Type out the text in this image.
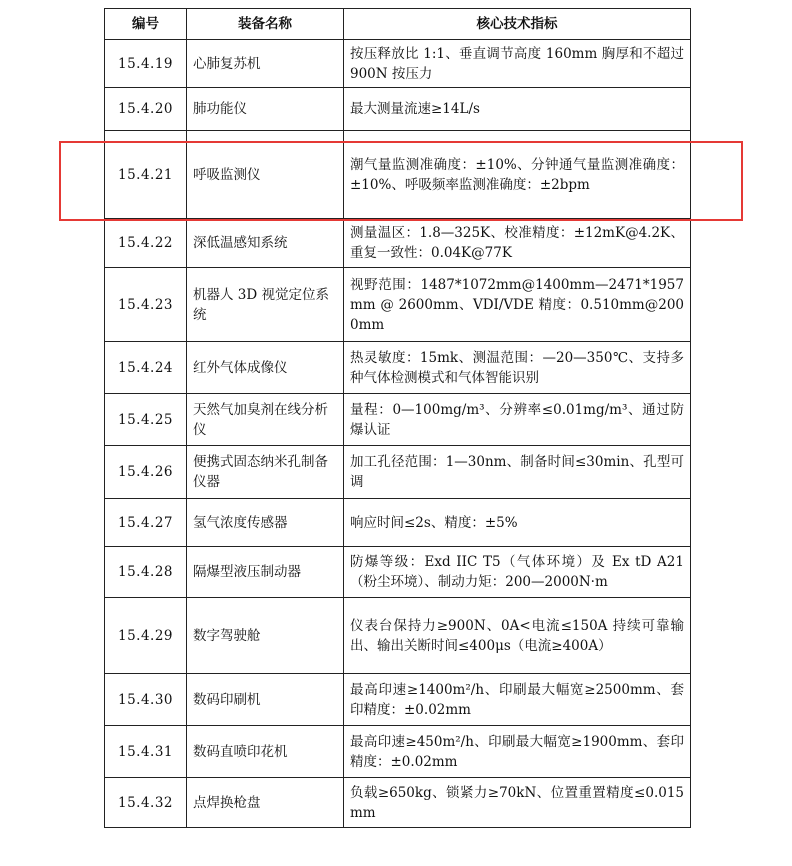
编号	装备名称	核心技术指标
15.4.19	心肺复苏机	按压释放比 1:1、垂直调节高度 160mm 胸厚和不超过 900N 按压力
15.4.20	肺功能仪	最大测量流速≥14L/s
15.4.21	呼吸监测仪	潮气量监测准确度：±10%、分钟通气量监测准确度：±10%、呼吸频率监测准确度：±2bpm
15.4.22	深低温感知系统	测量温区：1.8—325K、校准精度：±12mK@4.2K、重复一致性：0.04K@77K
15.4.23	机器人 3D 视觉定位系统	视野范围：1487*1072mm@1400mm—2471*1957mm @ 2600mm、VDI/VDE 精度：0.510mm@2000mm
15.4.24	红外气体成像仪	热灵敏度：15mk、测温范围：—20—350℃、支持多种气体检测模式和气体智能识别
15.4.25	天然气加臭剂在线分析仪	量程：0—100mg/m³、分辨率≤0.01mg/m³、通过防爆认证
15.4.26	便携式固态纳米孔制备仪器	加工孔径范围：1—30nm、制备时间≤30min、孔型可调
15.4.27	氢气浓度传感器	响应时间≤2s、精度：±5%
15.4.28	隔爆型液压制动器	防爆等级：Exd IIC T5（气体环境）及 Ex tD A21（粉尘环境）、制动力矩：200—2000N·m
15.4.29	数字驾驶舱	仪表台保持力≥900N、0A<电流≤150A 持续可靠输出、输出关断时间≤400μs（电流≥400A）
15.4.30	数码印刷机	最高印速≥1400m²/h、印刷最大幅宽≥2500mm、套印精度：±0.02mm
15.4.31	数码直喷印花机	最高印速≥450m²/h、印刷最大幅宽≥1900mm、套印精度：±0.02mm
15.4.32	点焊换枪盘	负载≥650kg、锁紧力≥70kN、位置重置精度≤0.015mm
